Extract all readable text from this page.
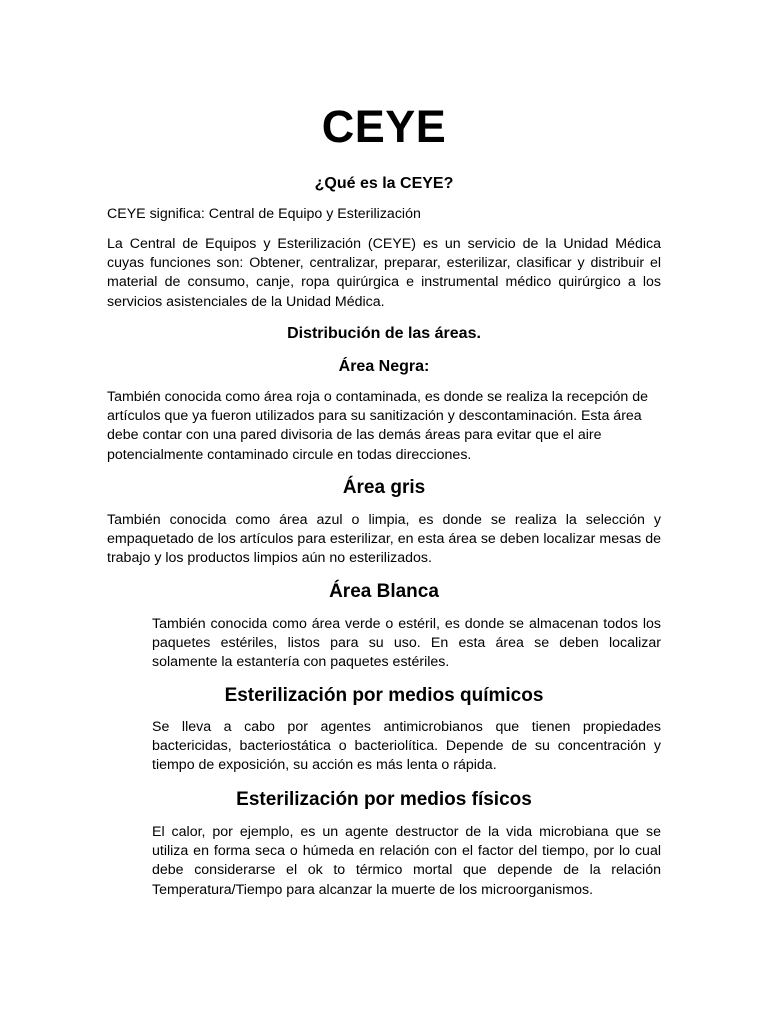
CEYE
¿Qué es la CEYE?

CEYE significa: Central de Equipo y Esterilización

La Central de Equipos y Esterilización (CEYE) es un servicio de la Unidad Médica cuyas funciones son: Obtener, centralizar, preparar, esterilizar, clasificar y distribuir el material de consumo, canje, ropa quirúrgica e instrumental médico quirúrgico a los servicios asistenciales de la Unidad Médica.

Distribución de las áreas.
Área Negra:

También conocida como área roja o contaminada, es donde se realiza la recepción de artículos que ya fueron utilizados para su sanitización y descontaminación. Esta área debe contar con una pared divisoria de las demás áreas para evitar que el aire potencialmente contaminado circule en todas direcciones.

Área gris

También conocida como área azul o limpia, es donde se realiza la selección y empaquetado de los artículos para esterilizar, en esta área se deben localizar mesas de trabajo y los productos limpios aún no esterilizados.

Área Blanca

También conocida como área verde o estéril, es donde se almacenan todos los paquetes estériles, listos para su uso. En esta área se deben localizar solamente la estantería con paquetes estériles.

Esterilización por medios químicos

Se lleva a cabo por agentes antimicrobianos que tienen propiedades bactericidas, bacteriostática o bacteriolítica. Depende de su concentración y tiempo de exposición, su acción es más lenta o rápida.

Esterilización por medios físicos

El calor, por ejemplo, es un agente destructor de la vida microbiana que se utiliza en forma seca o húmeda en relación con el factor del tiempo, por lo cual debe considerarse el ok to térmico mortal que depende de la relación Temperatura/Tiempo para alcanzar la muerte de los microorganismos.
